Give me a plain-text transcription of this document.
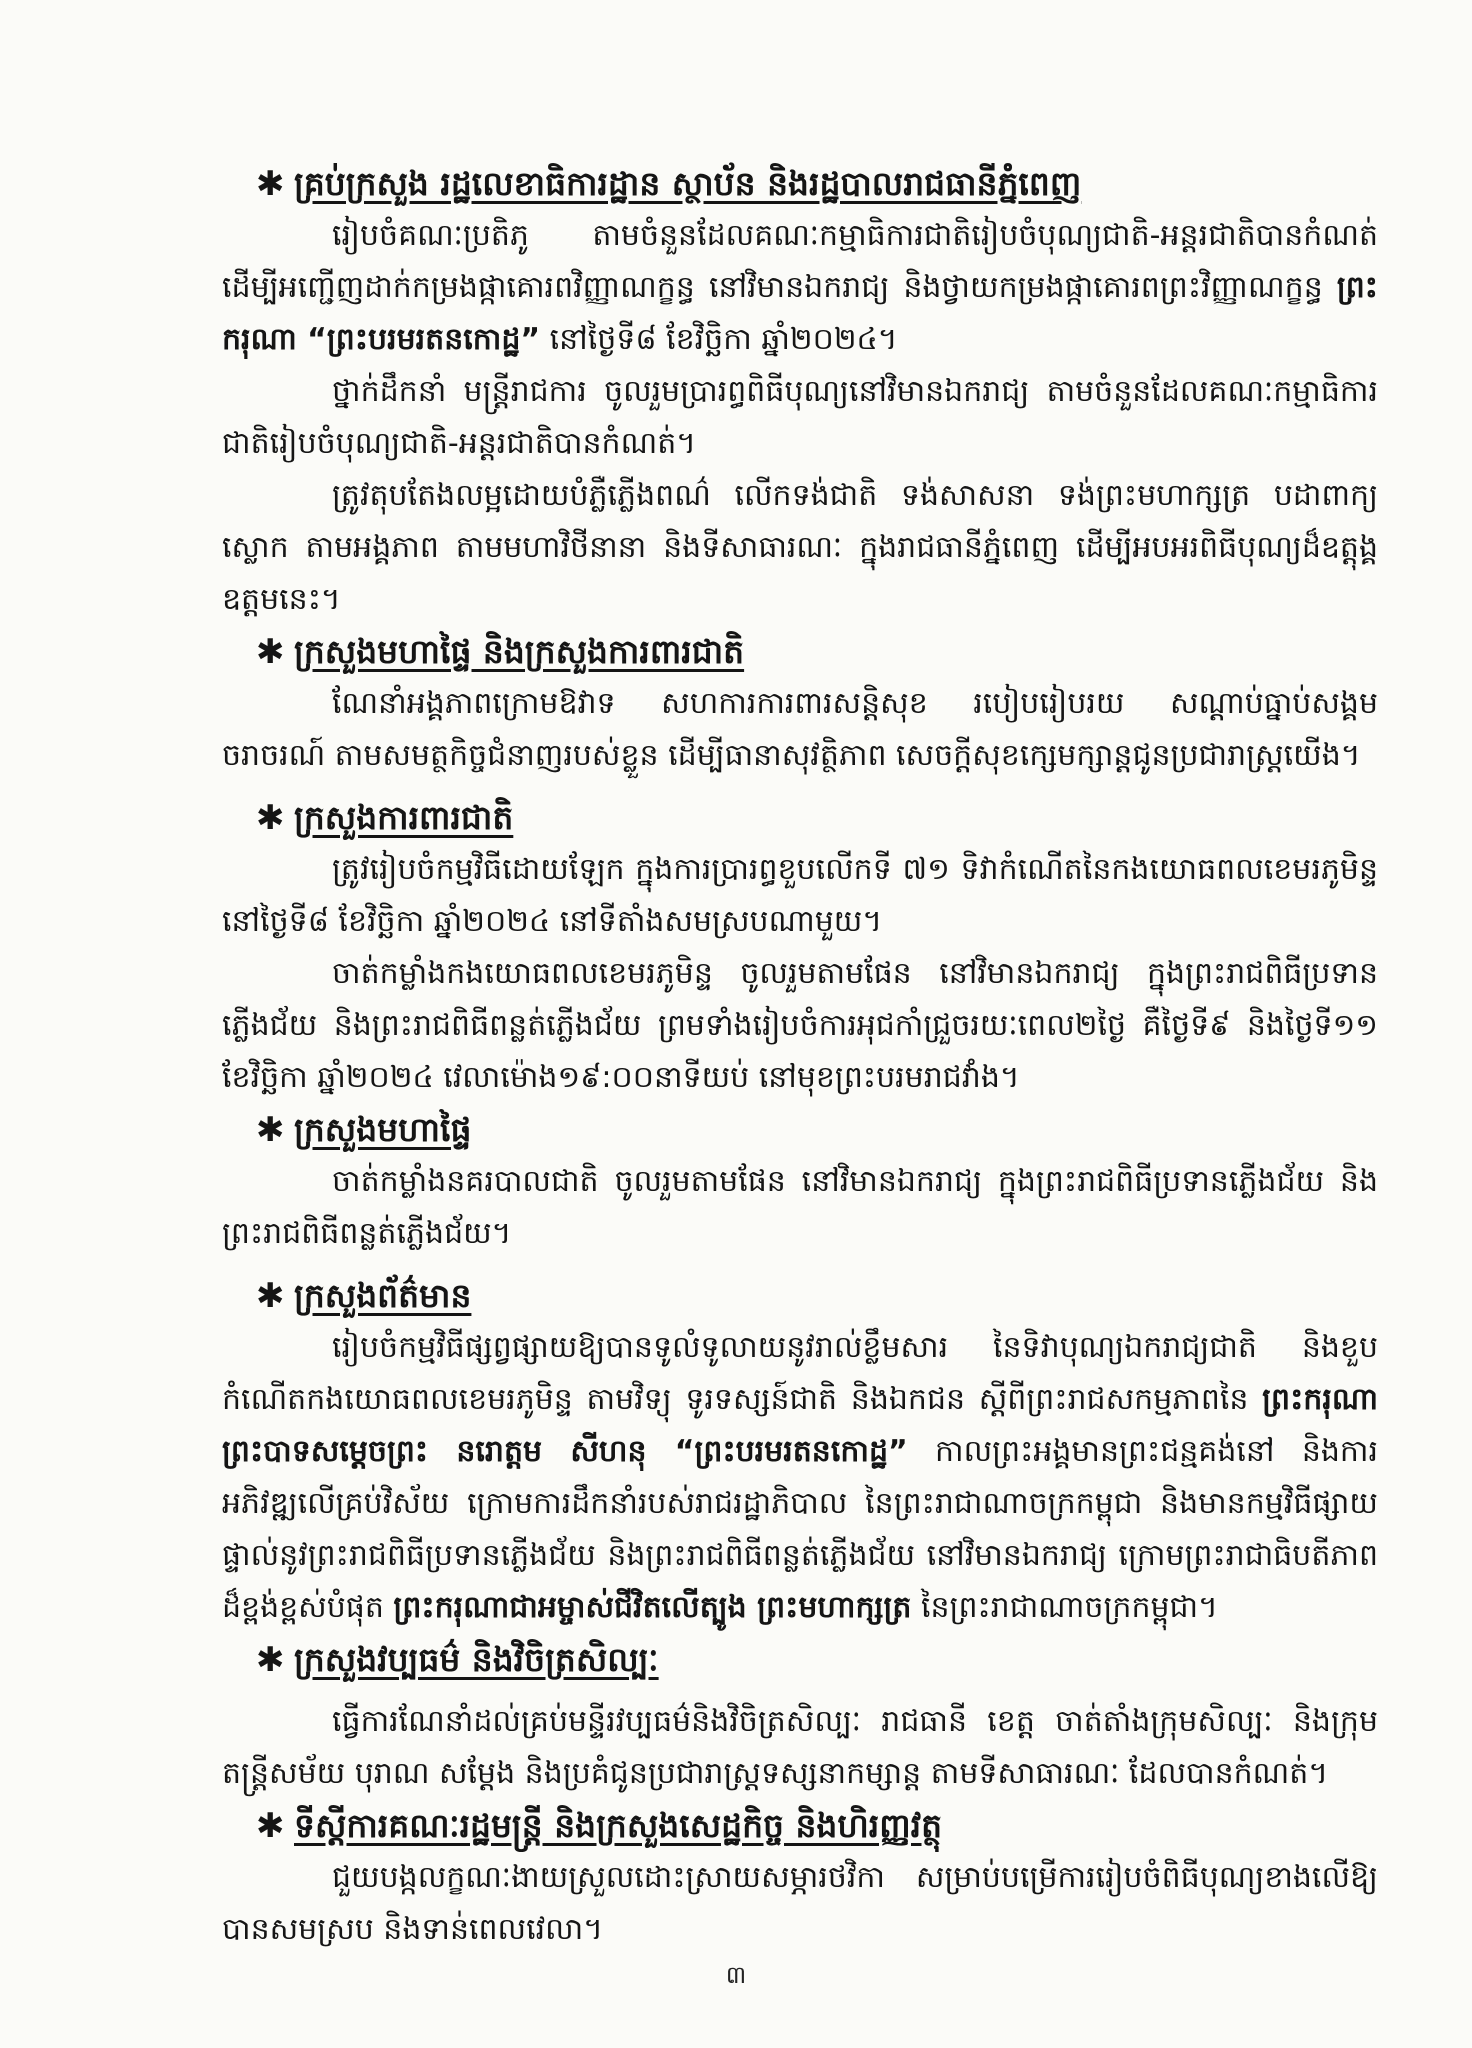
✱ គ្រប់ក្រសួង រដ្ឋលេខាធិការដ្ឋាន ស្ថាប័ន និងរដ្ឋបាលរាជធានីភ្នំពេញ

រៀបចំគណៈប្រតិភូ តាមចំនួនដែលគណៈកម្មាធិការជាតិរៀបចំបុណ្យជាតិ-អន្តរជាតិបានកំណត់ ដើម្បីអញ្ជើញដាក់កម្រងផ្កាគោរពវិញ្ញាណក្ខន្ធ នៅវិមានឯករាជ្យ និងថ្វាយកម្រងផ្កាគោរពព្រះវិញ្ញាណក្ខន្ធ ព្រះករុណា “ព្រះបរមរតនកោដ្ឋ” នៅថ្ងៃទី៨ ខែវិច្ឆិកា ឆ្នាំ២០២៤។

ថ្នាក់ដឹកនាំ មន្ត្រីរាជការ ចូលរួមប្រារព្ធពិធីបុណ្យនៅវិមានឯករាជ្យ តាមចំនួនដែលគណៈកម្មាធិការជាតិរៀបចំបុណ្យជាតិ-អន្តរជាតិបានកំណត់។

ត្រូវតុបតែងលម្អដោយបំភ្លឺភ្លើងពណ៌ លើកទង់ជាតិ ទង់សាសនា ទង់ព្រះមហាក្សត្រ បដាពាក្យស្លោក តាមអង្គភាព តាមមហាវិថីនានា និងទីសាធារណៈ ក្នុងរាជធានីភ្នំពេញ ដើម្បីអបអរពិធីបុណ្យដ៏ឧត្តុង្គឧត្តមនេះ។

✱ ក្រសួងមហាផ្ទៃ និងក្រសួងការពារជាតិ

ណែនាំអង្គភាពក្រោមឱវាទ សហការការពារសន្តិសុខ របៀបរៀបរយ សណ្តាប់ធ្នាប់សង្គម ចរាចរណ៍ តាមសមត្ថកិច្ចជំនាញរបស់ខ្លួន ដើម្បីធានាសុវត្ថិភាព សេចក្តីសុខក្សេមក្សាន្តជូនប្រជារាស្ត្រយើង។

✱ ក្រសួងការពារជាតិ

ត្រូវរៀបចំកម្មវិធីដោយឡែក ក្នុងការប្រារព្ធខួបលើកទី ៧១ ទិវាកំណើតនៃកងយោធពលខេមរភូមិន្ទ នៅថ្ងៃទី៨ ខែវិច្ឆិកា ឆ្នាំ២០២៤ នៅទីតាំងសមស្របណាមួយ។

ចាត់កម្លាំងកងយោធពលខេមរភូមិន្ទ ចូលរួមតាមផែន នៅវិមានឯករាជ្យ ក្នុងព្រះរាជពិធីប្រទានភ្លើងជ័យ និងព្រះរាជពិធីពន្លត់ភ្លើងជ័យ ព្រមទាំងរៀបចំការអុជកាំជ្រួចរយៈពេល២ថ្ងៃ គឺថ្ងៃទី៩ និងថ្ងៃទី១១ ខែវិច្ឆិកា ឆ្នាំ២០២៤ វេលាម៉ោង១៩:០០នាទីយប់ នៅមុខព្រះបរមរាជវាំង។

✱ ក្រសួងមហាផ្ទៃ

ចាត់កម្លាំងនគរបាលជាតិ ចូលរួមតាមផែន នៅវិមានឯករាជ្យ ក្នុងព្រះរាជពិធីប្រទានភ្លើងជ័យ និងព្រះរាជពិធីពន្លត់ភ្លើងជ័យ។

✱ ក្រសួងព័ត៌មាន

រៀបចំកម្មវិធីផ្សព្វផ្សាយឱ្យបានទូលំទូលាយនូវរាល់ខ្លឹមសារ នៃទិវាបុណ្យឯករាជ្យជាតិ និងខួបកំណើតកងយោធពលខេមរភូមិន្ទ តាមវិទ្យុ ទូរទស្សន៍ជាតិ និងឯកជន ស្តីពីព្រះរាជសកម្មភាពនៃ ព្រះករុណាព្រះបាទសម្តេចព្រះ នរោត្តម សីហនុ “ព្រះបរមរតនកោដ្ឋ” កាលព្រះអង្គមានព្រះជន្មគង់នៅ និងការអភិវឌ្ឍលើគ្រប់វិស័យ ក្រោមការដឹកនាំរបស់រាជរដ្ឋាភិបាល នៃព្រះរាជាណាចក្រកម្ពុជា និងមានកម្មវិធីផ្សាយផ្ទាល់នូវព្រះរាជពិធីប្រទានភ្លើងជ័យ និងព្រះរាជពិធីពន្លត់ភ្លើងជ័យ នៅវិមានឯករាជ្យ ក្រោមព្រះរាជាធិបតីភាពដ៏ខ្ពង់ខ្ពស់បំផុត ព្រះករុណាជាអម្ចាស់ជីវិតលើត្បូង ព្រះមហាក្សត្រ នៃព្រះរាជាណាចក្រកម្ពុជា។

✱ ក្រសួងវប្បធម៌ និងវិចិត្រសិល្បៈ

ធ្វើការណែនាំដល់គ្រប់មន្ទីរវប្បធម៌និងវិចិត្រសិល្បៈ រាជធានី ខេត្ត ចាត់តាំងក្រុមសិល្បៈ និងក្រុមតន្ត្រីសម័យ បុរាណ សម្តែង និងប្រគំជូនប្រជារាស្ត្រទស្សនាកម្សាន្ត តាមទីសាធារណៈ ដែលបានកំណត់។

✱ ទីស្តីការគណៈរដ្ឋមន្ត្រី និងក្រសួងសេដ្ឋកិច្ច និងហិរញ្ញវត្ថុ

ជួយបង្កលក្ខណៈងាយស្រួលដោះស្រាយសម្ភារថវិកា សម្រាប់បម្រើការរៀបចំពិធីបុណ្យខាងលើឱ្យបានសមស្រប និងទាន់ពេលវេលា។

៣
